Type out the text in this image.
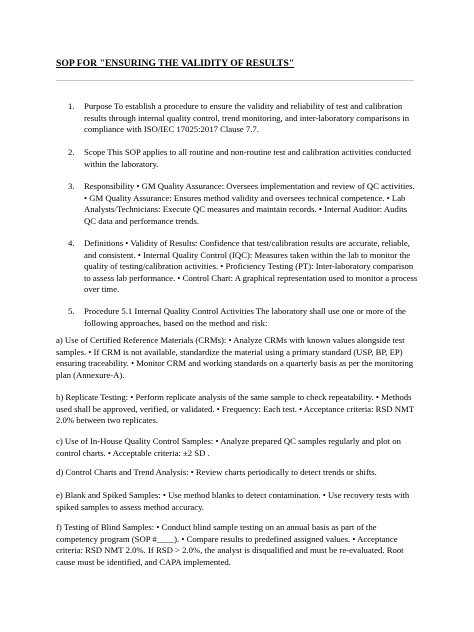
SOP FOR "ENSURING THE VALIDITY OF RESULTS"
1. Purpose To establish a procedure to ensure the validity and reliability of test and calibration results through internal quality control, trend monitoring, and inter-laboratory comparisons in compliance with ISO/IEC 17025:2017 Clause 7.7.
2. Scope This SOP applies to all routine and non-routine test and calibration activities conducted within the laboratory.
3. Responsibility • GM Quality Assurance: Oversees implementation and review of QC activities. • GM Quality Assurance: Ensures method validity and oversees technical competence. • Lab Analysts/Technicians: Execute QC measures and maintain records. • Internal Auditor: Audits QC data and performance trends.
4. Definitions • Validity of Results: Confidence that test/calibration results are accurate, reliable, and consistent. • Internal Quality Control (IQC): Measures taken within the lab to monitor the quality of testing/calibration activities. • Proficiency Testing (PT): Inter-laboratory comparison to assess lab performance. • Control Chart: A graphical representation used to monitor a process over time.
5. Procedure 5.1 Internal Quality Control Activities The laboratory shall use one or more of the following approaches, based on the method and risk:
a) Use of Certified Reference Materials (CRMs): • Analyze CRMs with known values alongside test samples. • If CRM is not available, standardize the material using a primary standard (USP, BP, EP) ensuring traceability. • Monitor CRM and working standards on a quarterly basis as per the monitoring plan (Annexure-A).
b) Replicate Testing: • Perform replicate analysis of the same sample to check repeatability. • Methods used shall be approved, verified, or validated. • Frequency: Each test. • Acceptance criteria: RSD NMT 2.0% between two replicates.
c) Use of In-House Quality Control Samples: • Analyze prepared QC samples regularly and plot on control charts. • Acceptable criteria: ±2 SD .
d) Control Charts and Trend Analysis: • Review charts periodically to detect trends or shifts.
e) Blank and Spiked Samples: • Use method blanks to detect contamination. • Use recovery tests with spiked samples to assess method accuracy.
f) Testing of Blind Samples: • Conduct blind sample testing on an annual basis as part of the competency program (SOP #____). • Compare results to predefined assigned values. • Acceptance criteria: RSD NMT 2.0%. If RSD > 2.0%, the analyst is disqualified and must be re-evaluated. Root cause must be identified, and CAPA implemented.
